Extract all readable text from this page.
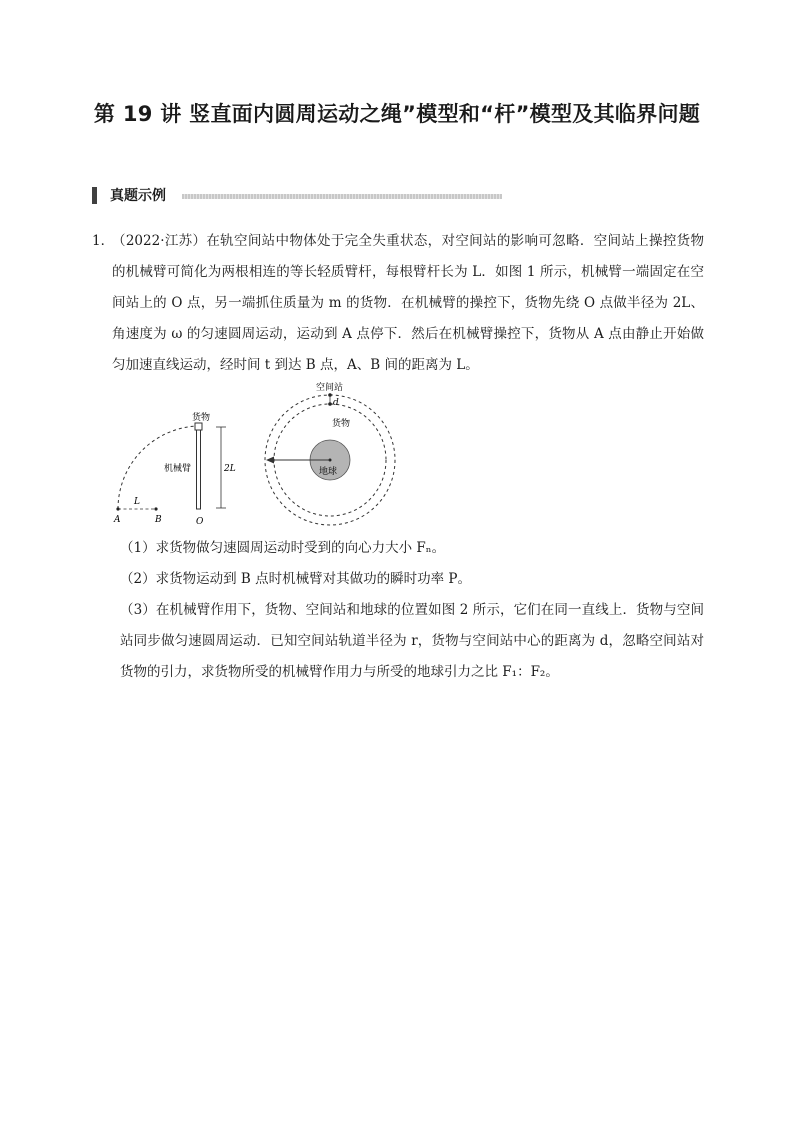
第 19 讲 竖直面内圆周运动之绳”模型和“杆”模型及其临界问题
真题示例
1．
（2022·江苏）在轨空间站中物体处于完全失重状态，对空间站的影响可忽略．空间站上操控货物的机械臂可简化为两根相连的等长轻质臂杆，每根臂杆长为 L．如图 1 所示，机械臂一端固定在空间站上的 O 点，另一端抓住质量为 m 的货物．在机械臂的操控下，货物先绕 O 点做半径为 2L、角速度为 ω 的匀速圆周运动，运动到 A 点停下．然后在机械臂操控下，货物从 A 点由静止开始做匀加速直线运动，经时间 t 到达 B 点，A、B 间的距离为 L。
货物
机械臂	2L
L
A	B	O
空间站
d
货物
地球
（1）求货物做匀速圆周运动时受到的向心力大小 Fₙ。
（2）求货物运动到 B 点时机械臂对其做功的瞬时功率 P。
（3）在机械臂作用下，货物、空间站和地球的位置如图 2 所示，它们在同一直线上．货物与空间站同步做匀速圆周运动．已知空间站轨道半径为 r，货物与空间站中心的距离为 d，忽略空间站对货物的引力，求货物所受的机械臂作用力与所受的地球引力之比 F₁：F₂。
